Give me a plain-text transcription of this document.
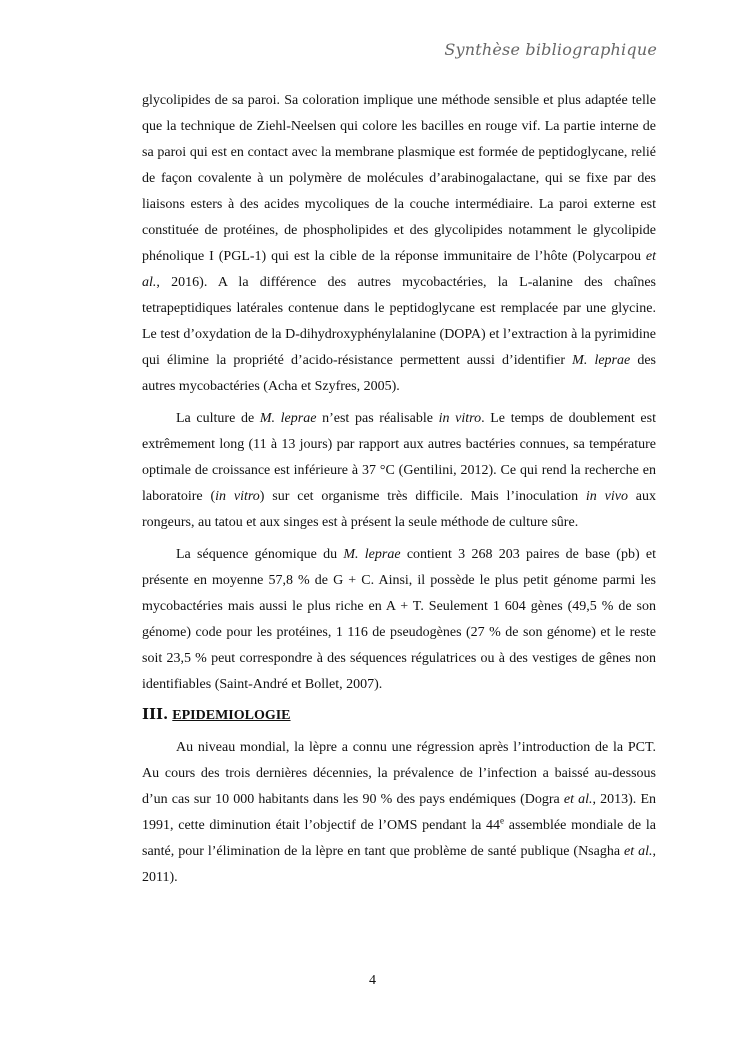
Synthèse bibliographique

glycolipides de sa paroi. Sa coloration implique une méthode sensible et plus adaptée telle que la technique de Ziehl-Neelsen qui colore les bacilles en rouge vif. La partie interne de sa paroi qui est en contact avec la membrane plasmique est formée de peptidoglycane, relié de façon covalente à un polymère de molécules d’arabinogalactane, qui se fixe par des liaisons esters à des acides mycoliques de la couche intermédiaire. La paroi externe est constituée de protéines, de phospholipides et des glycolipides notamment le glycolipide phénolique I (PGL-1) qui est la cible de la réponse immunitaire de l’hôte (Polycarpou et al., 2016). A la différence des autres mycobactéries, la L-alanine des chaînes tetrapeptidiques latérales contenue dans le peptidoglycane est remplacée par une glycine. Le test d’oxydation de la D-dihydroxyphénylalanine (DOPA) et l’extraction à la pyrimidine qui élimine la propriété d’acido-résistance permettent aussi d’identifier M. leprae des autres mycobactéries (Acha et Szyfres, 2005).

La culture de M. leprae n’est pas réalisable in vitro. Le temps de doublement est extrêmement long (11 à 13 jours) par rapport aux autres bactéries connues, sa température optimale de croissance est inférieure à 37 °C (Gentilini, 2012). Ce qui rend la recherche en laboratoire (in vitro) sur cet organisme très difficile. Mais l’inoculation in vivo aux rongeurs, au tatou et aux singes est à présent la seule méthode de culture sûre.

La séquence génomique du M. leprae contient 3 268 203 paires de base (pb) et présente en moyenne 57,8 % de G + C. Ainsi, il possède le plus petit génome parmi les mycobactéries mais aussi le plus riche en A + T. Seulement 1 604 gènes (49,5 % de son génome) code pour les protéines, 1 116 de pseudogènes (27 % de son génome) et le reste soit 23,5 % peut correspondre à des séquences régulatrices ou à des vestiges de gênes non identifiables (Saint-André et Bollet, 2007).

III. EPIDEMIOLOGIE

Au niveau mondial, la lèpre a connu une régression après l’introduction de la PCT. Au cours des trois dernières décennies, la prévalence de l’infection a baissé au-dessous d’un cas sur 10 000 habitants dans les 90 % des pays endémiques (Dogra et al., 2013). En 1991, cette diminution était l’objectif de l’OMS pendant la 44e assemblée mondiale de la santé, pour l’élimination de la lèpre en tant que problème de santé publique (Nsagha et al., 2011).

4
